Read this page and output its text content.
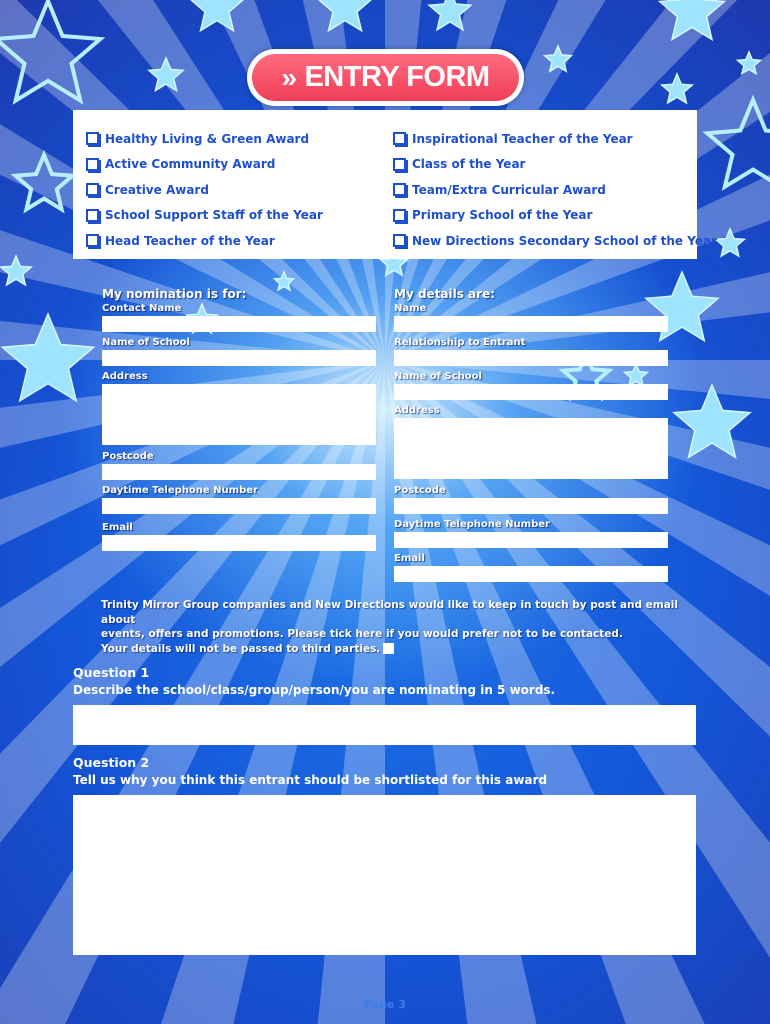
» ENTRY FORM
Healthy Living & Green Award
Active Community Award
Creative Award
School Support Staff of the Year
Head Teacher of the Year
Inspirational Teacher of the Year
Class of the Year
Team/Extra Curricular Award
Primary School of the Year
New Directions Secondary School of the Year
My nomination is for:
Contact Name
Name of School
Address
Postcode
Daytime Telephone Number
Email
My details are:
Name
Relationship to Entrant
Name of School
Address
Postcode
Daytime Telephone Number
Email
Trinity Mirror Group companies and New Directions would like to keep in touch by post and email about
events, offers and promotions. Please tick here if you would prefer not to be contacted.
Your details will not be passed to third parties.
Question 1
Describe the school/class/group/person/you are nominating in 5 words.
Question 2
Tell us why you think this entrant should be shortlisted for this award
Page 3
